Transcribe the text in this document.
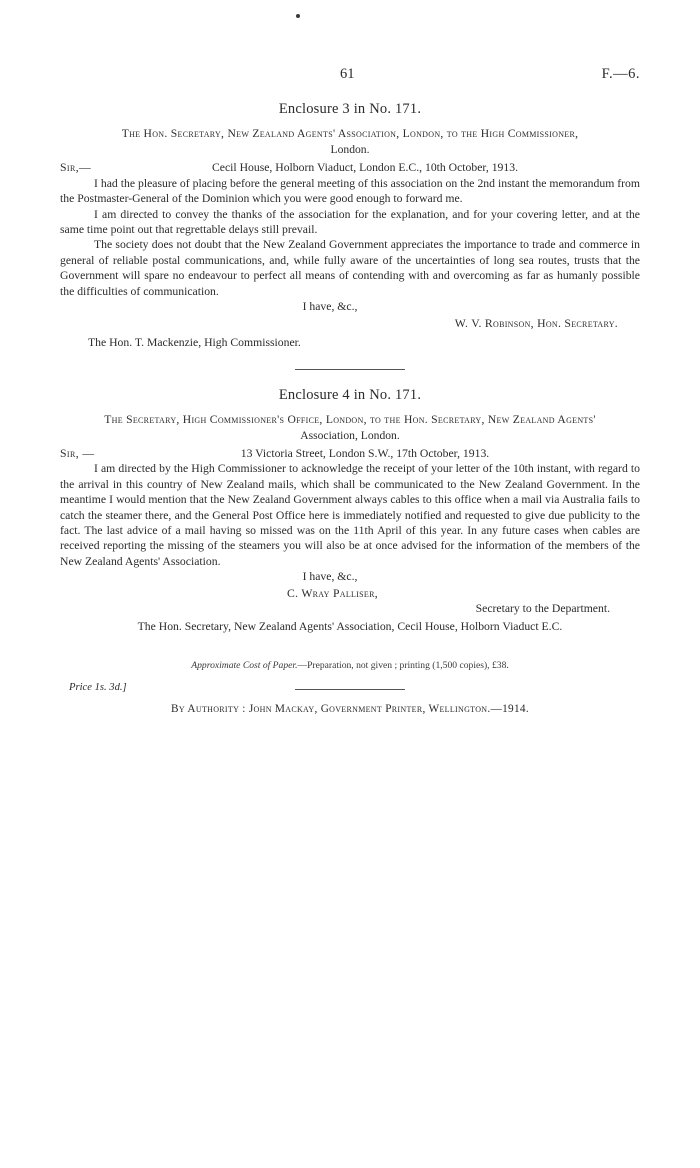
61	F.—6.
Enclosure 3 in No. 171.
The Hon. Secretary, New Zealand Agents' Association, London, to the High Commissioner,
London.
Sir,—	Cecil House, Holborn Viaduct, London E.C., 10th October, 1913.

I had the pleasure of placing before the general meeting of this association on the 2nd instant the memorandum from the Postmaster-General of the Dominion which you were good enough to forward me.

I am directed to convey the thanks of the association for the explanation, and for your covering letter, and at the same time point out that regrettable delays still prevail.

The society does not doubt that the New Zealand Government appreciates the importance to trade and commerce in general of reliable postal communications, and, while fully aware of the uncertainties of long sea routes, trusts that the Government will spare no endeavour to perfect all means of contending with and overcoming as far as humanly possible the difficulties of communication.

I have, &c.,
W. V. Robinson, Hon. Secretary.
The Hon. T. Mackenzie, High Commissioner.
Enclosure 4 in No. 171.
The Secretary, High Commissioner's Office, London, to the Hon. Secretary, New Zealand Agents'
Association, London.
Sir, —	13 Victoria Street, London S.W., 17th October, 1913.

I am directed by the High Commissioner to acknowledge the receipt of your letter of the 10th instant, with regard to the arrival in this country of New Zealand mails, which shall be communicated to the New Zealand Government. In the meantime I would mention that the New Zealand Government always cables to this office when a mail via Australia fails to catch the steamer there, and the General Post Office here is immediately notified and requested to give due publicity to the fact. The last advice of a mail having so missed was on the 11th April of this year. In any future cases when cables are received reporting the missing of the steamers you will also be at once advised for the information of the members of the New Zealand Agents' Association.

I have, &c.,
C. Wray Palliser,
Secretary to the Department.
The Hon. Secretary, New Zealand Agents' Association, Cecil House, Holborn Viaduct E.C.
Approximate Cost of Paper.—Preparation, not given ; printing (1,500 copies), £38.
By Authority : John Mackay, Government Printer, Wellington.—1914.
Price 1s. 3d.]
